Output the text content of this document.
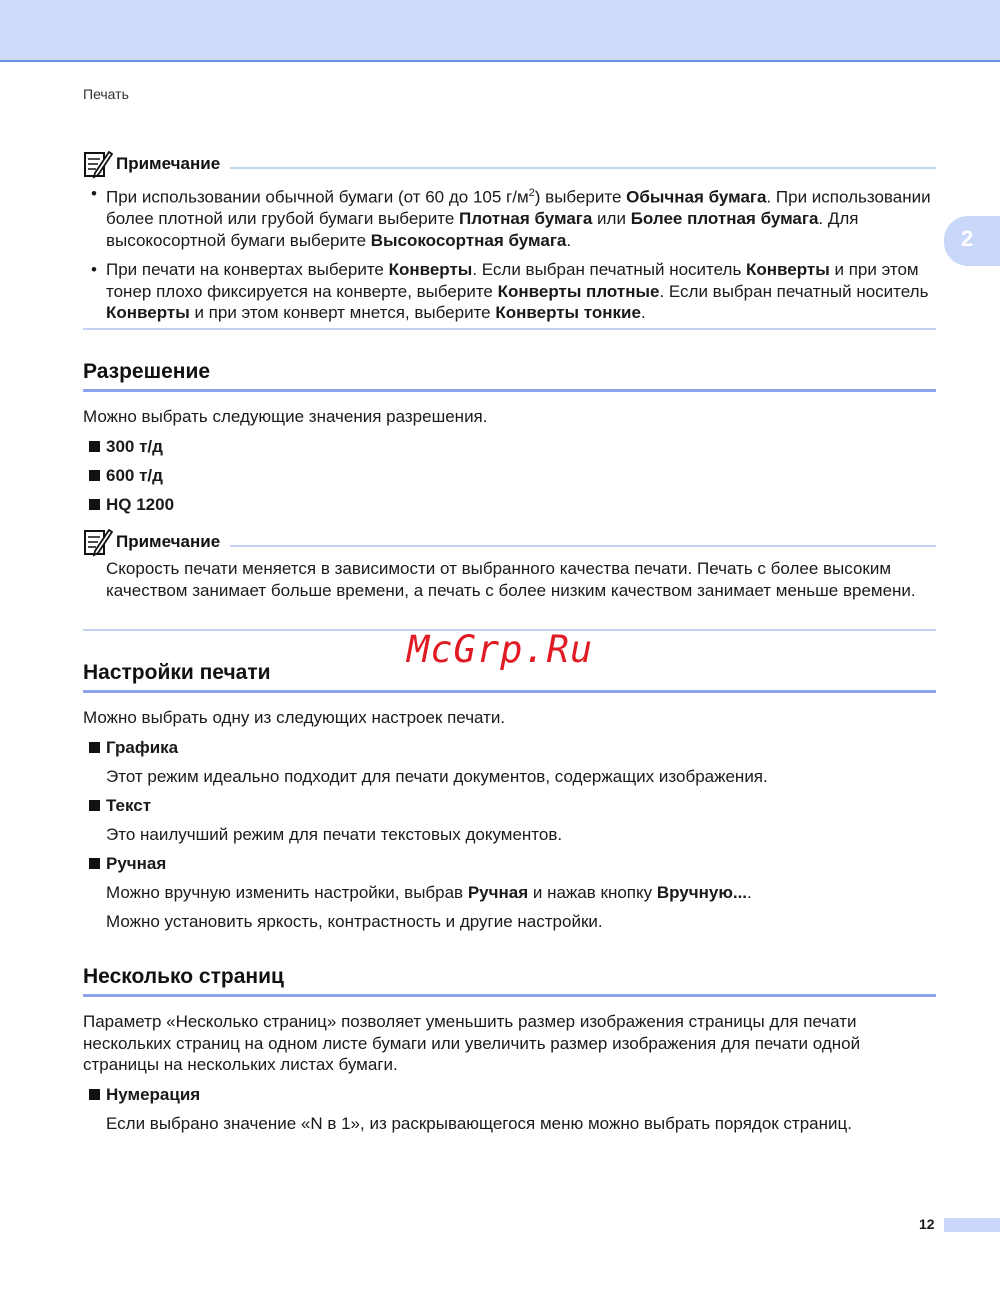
Печать
2
Примечание
• При использовании обычной бумаги (от 60 до 105 $г/м^2$) выберите Обычная бумага. При использовании более плотной или грубой бумаги выберите Плотная бумага или Более плотная бумага. Для высокосортной бумаги выберите Высокосортная бумага.
• При печати на конвертах выберите Конверты. Если выбран печатный носитель Конверты и при этом тонер плохо фиксируется на конверте, выберите Конверты плотные. Если выбран печатный носитель Конверты и при этом конверт мнется, выберите Конверты тонкие.
Разрешение
Можно выбрать следующие значения разрешения.
300 т/д
600 т/д
HQ 1200
Примечание
Скорость печати меняется в зависимости от выбранного качества печати. Печать с более высоким качеством занимает больше времени, а печать с более низким качеством занимает меньше времени.
McGrp.Ru
Настройки печати
Можно выбрать одну из следующих настроек печати.
Графика
Этот режим идеально подходит для печати документов, содержащих изображения.
Текст
Это наилучший режим для печати текстовых документов.
Ручная
Можно вручную изменить настройки, выбрав Ручная и нажав кнопку Вручную....
Можно установить яркость, контрастность и другие настройки.
Несколько страниц
Параметр «Несколько страниц» позволяет уменьшить размер изображения страницы для печати нескольких страниц на одном листе бумаги или увеличить размер изображения для печати одной страницы на нескольких листах бумаги.
Нумерация
Если выбрано значение «N в 1», из раскрывающегося меню можно выбрать порядок страниц.
12
